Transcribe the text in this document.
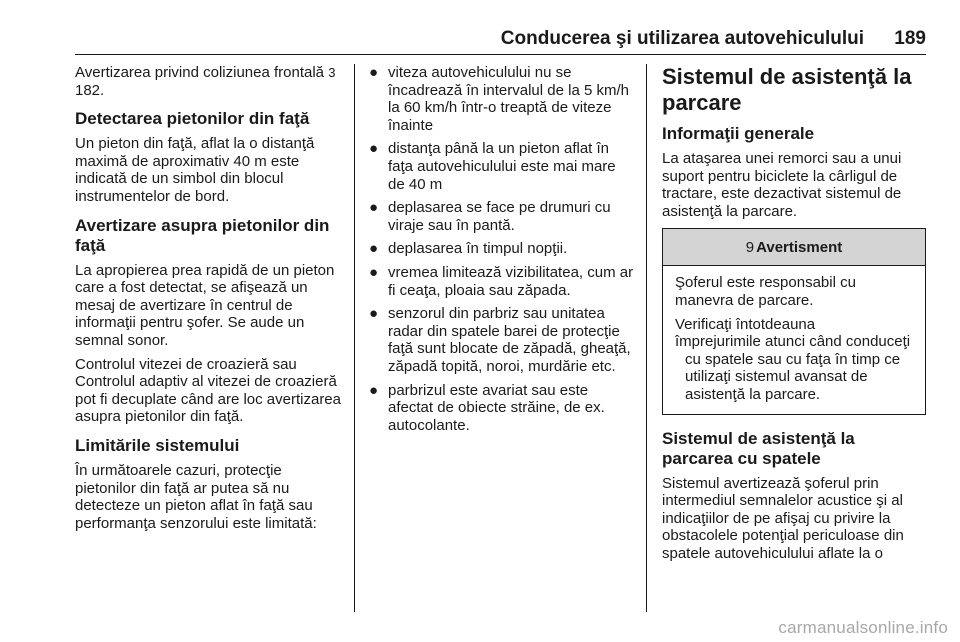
Conducerea şi utilizarea autovehiculului 189

Avertizarea privind coliziunea frontală 3 182.

Detectarea pietonilor din faţă

Un pieton din faţă, aflat la o distanţă maximă de aproximativ 40 m este indicată de un simbol din blocul instrumentelor de bord.

Avertizare asupra pietonilor din faţă

La apropierea prea rapidă de un pieton care a fost detectat, se afişează un mesaj de avertizare în centrul de informaţii pentru şofer. Se aude un semnal sonor.

Controlul vitezei de croazieră sau Controlul adaptiv al vitezei de croazieră pot fi decuplate când are loc avertizarea asupra pietonilor din faţă.

Limitările sistemului

În următoarele cazuri, protecţie pietonilor din faţă ar putea să nu detecteze un pieton aflat în faţă sau performanţa senzorului este limitată:

● viteza autovehiculului nu se încadrează în intervalul de la 5 km/h la 60 km/h într-o treaptă de viteze înainte
● distanţa până la un pieton aflat în faţa autovehiculului este mai mare de 40 m
● deplasarea se face pe drumuri cu viraje sau în pantă.
● deplasarea în timpul nopţii.
● vremea limitează vizibilitatea, cum ar fi ceaţa, ploaia sau zăpada.
● senzorul din parbriz sau unitatea radar din spatele barei de protecţie faţă sunt blocate de zăpadă, gheaţă, zăpadă topită, noroi, murdărie etc.
● parbrizul este avariat sau este afectat de obiecte străine, de ex. autocolante.
Sistemul de asistenţă la parcare
Informaţii generale

La ataşarea unei remorci sau a unui suport pentru biciclete la cârligul de tractare, este dezactivat sistemul de asistenţă la parcare.

9 Avertisment

Şoferul este responsabil cu manevra de parcare.

Verificaţi întotdeauna

împrejurimile atunci când conduceţi cu spatele sau cu faţa în timp ce utilizaţi sistemul avansat de asistenţă la parcare.

Sistemul de asistenţă la parcarea cu spatele

Sistemul avertizează şoferul prin intermediul semnalelor acustice şi al indicaţiilor de pe afişaj cu privire la obstacolele potenţial periculoase din spatele autovehiculului aflate la o

carmanualsonline.info
